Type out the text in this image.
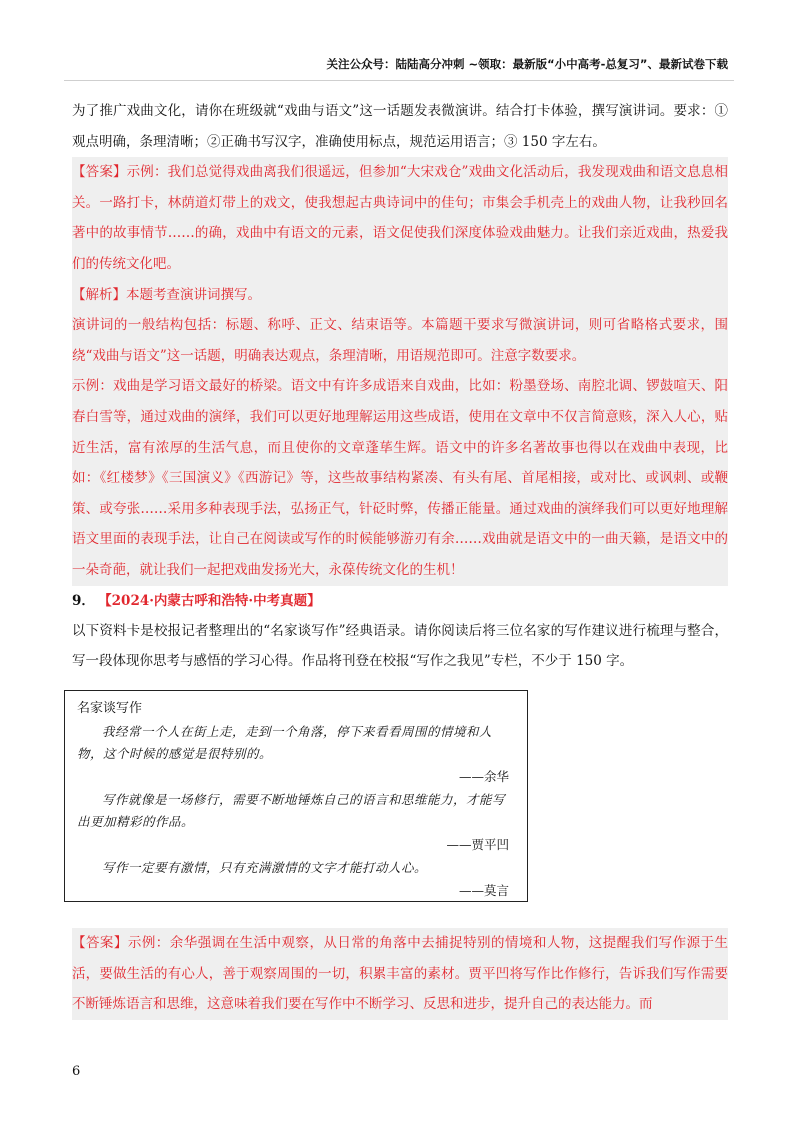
关注公众号：陆陆高分冲刺 ~领取：最新版“小中高考-总复习”、最新试卷下载

为了推广戏曲文化，请你在班级就“戏曲与语文”这一话题发表微演讲。结合打卡体验，撰写演讲词。要求：①观点明确，条理清晰；②正确书写汉字，准确使用标点，规范运用语言；③ 150 字左右。

【答案】示例：我们总觉得戏曲离我们很遥远，但参加“大宋戏仓”戏曲文化活动后，我发现戏曲和语文息息相关。一路打卡，林荫道灯带上的戏文，使我想起古典诗词中的佳句；市集会手机壳上的戏曲人物，让我秒回名著中的故事情节……的确，戏曲中有语文的元素，语文促使我们深度体验戏曲魅力。让我们亲近戏曲，热爱我们的传统文化吧。

【解析】本题考查演讲词撰写。

演讲词的一般结构包括：标题、称呼、正文、结束语等。本篇题干要求写微演讲词，则可省略格式要求，围绕“戏曲与语文”这一话题，明确表达观点，条理清晰，用语规范即可。注意字数要求。

示例：戏曲是学习语文最好的桥梁。语文中有许多成语来自戏曲，比如：粉墨登场、南腔北调、锣鼓喧天、阳春白雪等，通过戏曲的演绎，我们可以更好地理解运用这些成语，使用在文章中不仅言简意赅，深入人心，贴近生活，富有浓厚的生活气息，而且使你的文章蓬荜生辉。语文中的许多名著故事也得以在戏曲中表现，比如：《红楼梦》《三国演义》《西游记》等，这些故事结构紧凑、有头有尾、首尾相接，或对比、或讽刺、或鞭策、或夸张……采用多种表现手法，弘扬正气，针砭时弊，传播正能量。通过戏曲的演绎我们可以更好地理解语文里面的表现手法，让自己在阅读或写作的时候能够游刃有余……戏曲就是语文中的一曲天籁，是语文中的一朵奇葩，就让我们一起把戏曲发扬光大，永葆传统文化的生机！

9． 【2024·内蒙古呼和浩特·中考真题】

以下资料卡是校报记者整理出的“名家谈写作”经典语录。请你阅读后将三位名家的写作建议进行梳理与整合，写一段体现你思考与感悟的学习心得。作品将刊登在校报“写作之我见”专栏，不少于 150 字。

名家谈写作

我经常一个人在街上走，走到一个角落，停下来看看周围的情境和人物，这个时候的感觉是很特别的。

——余华

写作就像是一场修行，需要不断地锤炼自己的语言和思维能力，才能写出更加精彩的作品。

——贾平凹

写作一定要有激情，只有充满激情的文字才能打动人心。

——莫言

【答案】示例：余华强调在生活中观察，从日常的角落中去捕捉特别的情境和人物，这提醒我们写作源于生活，要做生活的有心人，善于观察周围的一切，积累丰富的素材。贾平凹将写作比作修行，告诉我们写作需要不断锤炼语言和思维，这意味着我们要在写作中不断学习、反思和进步，提升自己的表达能力。而

6
